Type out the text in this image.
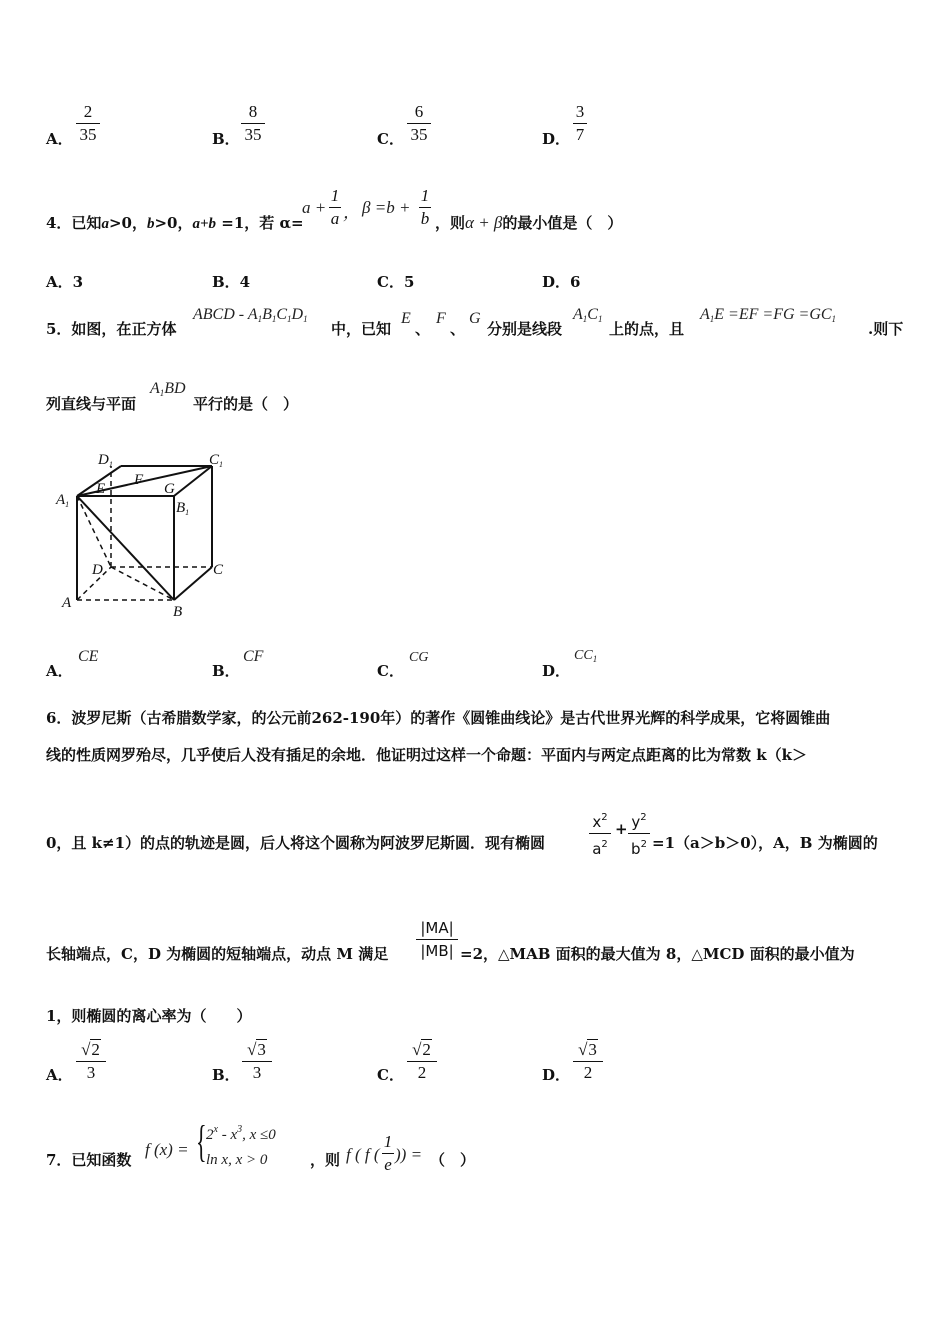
A．
2
35	B．
8
35	C．
6
35	D．
3
7
4．已知a>0，b>0，a+b =1，若 α=
a +
1
a ， β =b +
1
b ，则α + β的最小值是（　）
A．3	B．4	C．5	D．6
5．如图，在正方体
ABCD - $A_1B_1C_1D_1$
中，已知
E
、
F
、
G
分别是线段
$A_1C_1$
上的点，且
$A_1E =EF =FG =GC_1$
.则下
列直线与平面
$A_1BD$
平行的是（　）
$D_1$	$C_1$
$A_1$	$B_1$
E
F
G
D	C
A
B
A．
CE
B．
CF
C．
CG
D．
$CC_1$
6．波罗尼斯（古希腊数学家，的公元前262-190年）的著作《圆锥曲线论》是古代世界光辉的科学成果，它将圆锥曲
线的性质网罗殆尽，几乎使后人没有插足的余地．他证明过这样一个命题：平面内与两定点距离的比为常数 k（k＞
0，且 k≠1）的点的轨迹是圆，后人将这个圆称为阿波罗尼斯圆．现有椭圆
$x^2$
$a^2$
+ $y^2$
$b^2 =1(a>b>0)$，A，B 为椭圆的
长轴端点，C，D 为椭圆的短轴端点，动点 M 满足
|MA|
|MB| =2，△MAB 面积的最大值为 8，△MCD 面积的最小值为
1，则椭圆的离心率为（　　）
A．
√2
3	B．
√3
3	C．
√2
2	D．
√3
2
7．已知函数
f (x) = { $2^x - x^3$, x ≤0
ln x, x > 0	，则 f ( f (
1
e
)) = （　）
